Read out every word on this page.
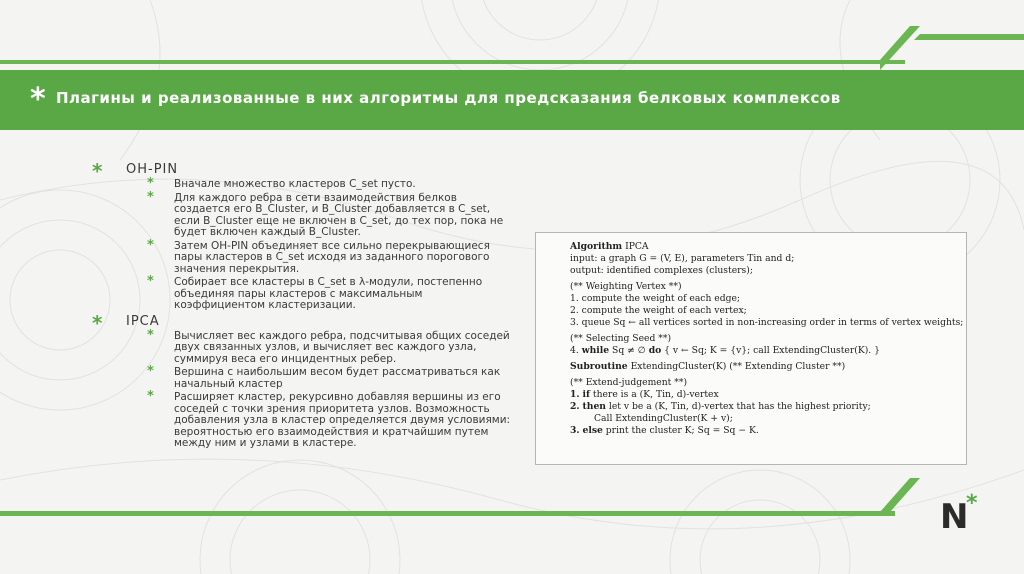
* Плагины и реализованные в них алгоритмы для предсказания белковых комплексов
* OH-PIN
* Вначале множество кластеров C_set пусто.
* Для каждого ребра в сети взаимодействия белков создается его B_Cluster, и B_Cluster добавляется в C_set, если B_Cluster еще не включен в C_set, до тех пор, пока не будет включен каждый B_Cluster.
* Затем OH-PIN объединяет все сильно перекрывающиеся пары кластеров в C_set исходя из заданного порогового значения перекрытия.
* Собирает все кластеры в C_set в λ-модули, постепенно объединяя пары кластеров с максимальным коэффициентом кластеризации.
* IPCA
* Вычисляет вес каждого ребра, подсчитывая общих соседей двух связанных узлов, и вычисляет вес каждого узла, суммируя веса его инцидентных ребер.
* Вершина с наибольшим весом будет рассматриваться как начальный кластер
* Расширяет кластер, рекурсивно добавляя вершины из его соседей с точки зрения приоритета узлов. Возможность добавления узла в кластер определяется двумя условиями: вероятностью его взаимодействия и кратчайшим путем между ним и узлами в кластере.
Algorithm IPCA
input: a graph G = (V, E), parameters Tin and d;
output: identified complexes (clusters);
(** Weighting Vertex **)
1. compute the weight of each edge;
2. compute the weight of each vertex;
3. queue Sq ← all vertices sorted in non-increasing order in terms of vertex weights;
(** Selecting Seed **)
4. while Sq ≠ ∅ do { v ← Sq; K = {v}; call ExtendingCluster(K). }
Subroutine ExtendingCluster(K) (** Extending Cluster **)
(** Extend-judgement **)
1. if there is a (K, Tin, d)-vertex
2. then let v be a (K, Tin, d)-vertex that has the highest priority;
Call ExtendingCluster(K + v);
3. else print the cluster K; Sq = Sq − K.
N
*
